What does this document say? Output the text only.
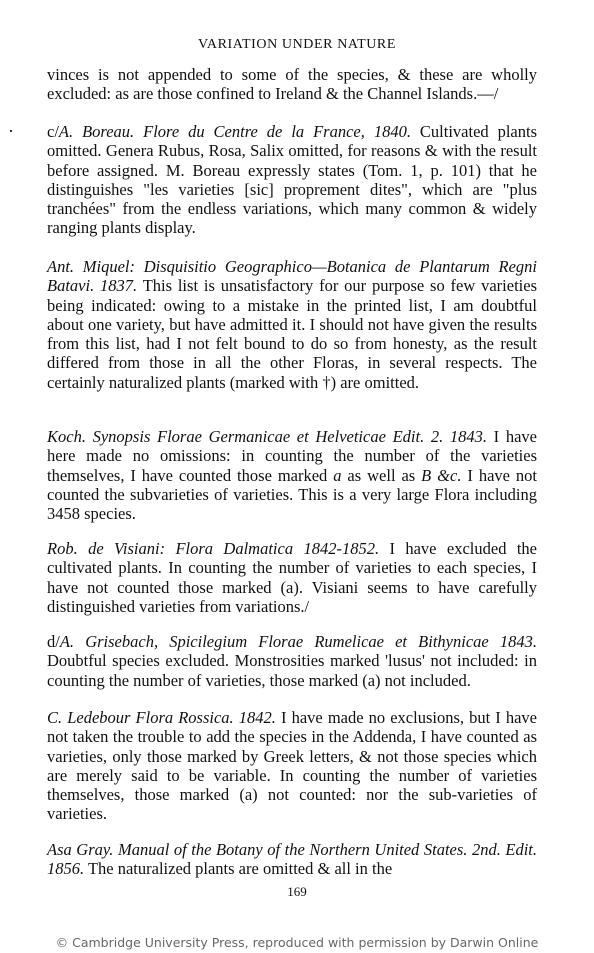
VARIATION UNDER NATURE

vinces is not appended to some of the species, & these are wholly excluded: as are those confined to Ireland & the Channel Islands.—/

c/A. Boreau. Flore du Centre de la France, 1840. Cultivated plants omitted. Genera Rubus, Rosa, Salix omitted, for reasons & with the result before assigned. M. Boreau expressly states (Tom. 1, p. 101) that he distinguishes "les varieties [sic] proprement dites", which are "plus tranchées" from the endless variations, which many common & widely ranging plants display.

Ant. Miquel: Disquisitio Geographico—Botanica de Plantarum Regni Batavi. 1837. This list is unsatisfactory for our purpose so few varieties being indicated: owing to a mistake in the printed list, I am doubtful about one variety, but have admitted it. I should not have given the results from this list, had I not felt bound to do so from honesty, as the result differed from those in all the other Floras, in several respects. The certainly naturalized plants (marked with †) are omitted.

Koch. Synopsis Florae Germanicae et Helveticae Edit. 2. 1843. I have here made no omissions: in counting the number of the varieties themselves, I have counted those marked a as well as B &c. I have not counted the subvarieties of varieties. This is a very large Flora including 3458 species.

Rob. de Visiani: Flora Dalmatica 1842-1852. I have excluded the cultivated plants. In counting the number of varieties to each species, I have not counted those marked (a). Visiani seems to have carefully distinguished varieties from variations./

d/A. Grisebach, Spicilegium Florae Rumelicae et Bithynicae 1843. Doubtful species excluded. Monstrosities marked 'lusus' not included: in counting the number of varieties, those marked (a) not included.

C. Ledebour Flora Rossica. 1842. I have made no exclusions, but I have not taken the trouble to add the species in the Addenda, I have counted as varieties, only those marked by Greek letters, & not those species which are merely said to be variable. In counting the number of varieties themselves, those marked (a) not counted: nor the sub-varieties of varieties.

Asa Gray. Manual of the Botany of the Northern United States. 2nd. Edit. 1856. The naturalized plants are omitted & all in the

169
© Cambridge University Press, reproduced with permission by Darwin Online
